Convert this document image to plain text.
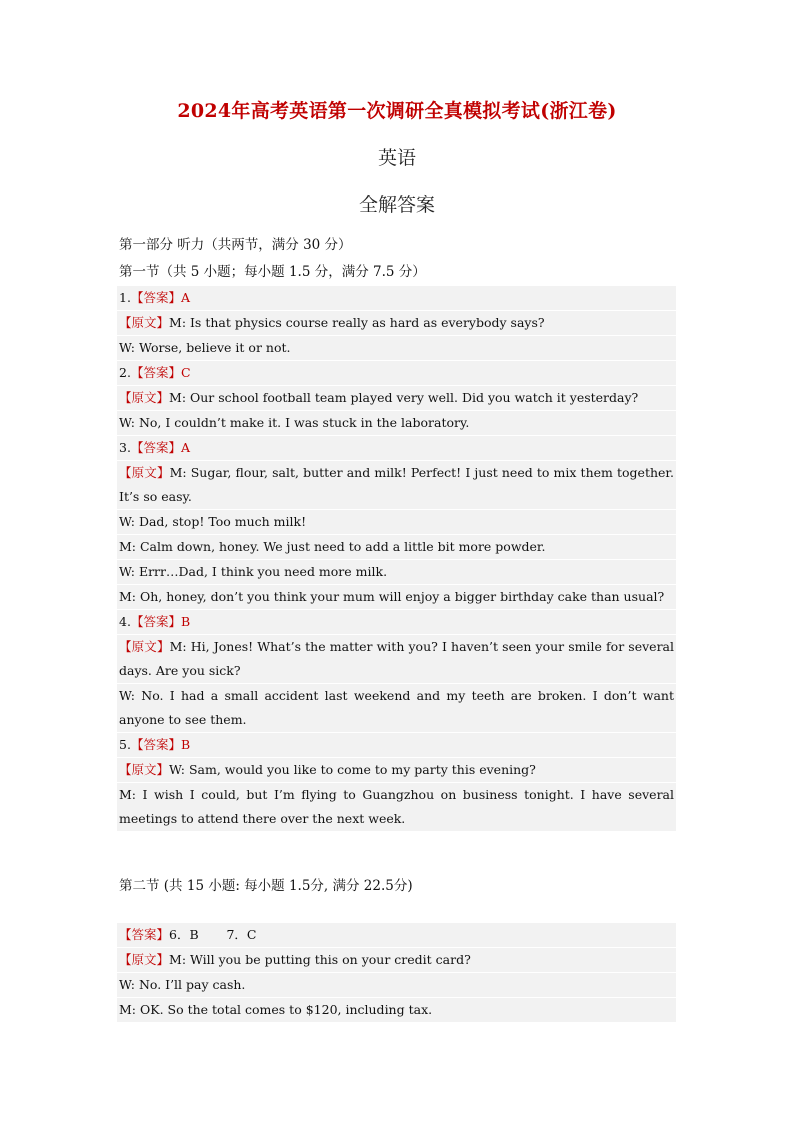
2024年高考英语第一次调研全真模拟考试(浙江卷)
英语
全解答案
第一部分 听力（共两节，满分 30 分）
第一节（共 5 小题；每小题 1.5 分，满分 7.5 分）
1.【答案】A
【原文】M: Is that physics course really as hard as everybody says?
W: Worse, believe it or not.
2.【答案】C
【原文】M: Our school football team played very well. Did you watch it yesterday?
W: No, I couldn’t make it. I was stuck in the laboratory.
3.【答案】A
【原文】M: Sugar, flour, salt, butter and milk! Perfect! I just need to mix them together. It’s so easy.
W: Dad, stop! Too much milk!
M: Calm down, honey. We just need to add a little bit more powder.
W: Errr…Dad, I think you need more milk.
M: Oh, honey, don’t you think your mum will enjoy a bigger birthday cake than usual?
4.【答案】B
【原文】M: Hi, Jones! What’s the matter with you? I haven’t seen your smile for several days. Are you sick?
W: No. I had a small accident last weekend and my teeth are broken. I don’t want anyone to see them.
5.【答案】B
【原文】W: Sam, would you like to come to my party this evening?
M: I wish I could, but I’m flying to Guangzhou on business tonight. I have several meetings to attend there over the next week.
第二节 (共 15 小题: 每小题 1.5分, 满分 22.5分)
【答案】6．B       7．C
【原文】M: Will you be putting this on your credit card?
W: No. I’ll pay cash.
M: OK. So the total comes to $120, including tax.
